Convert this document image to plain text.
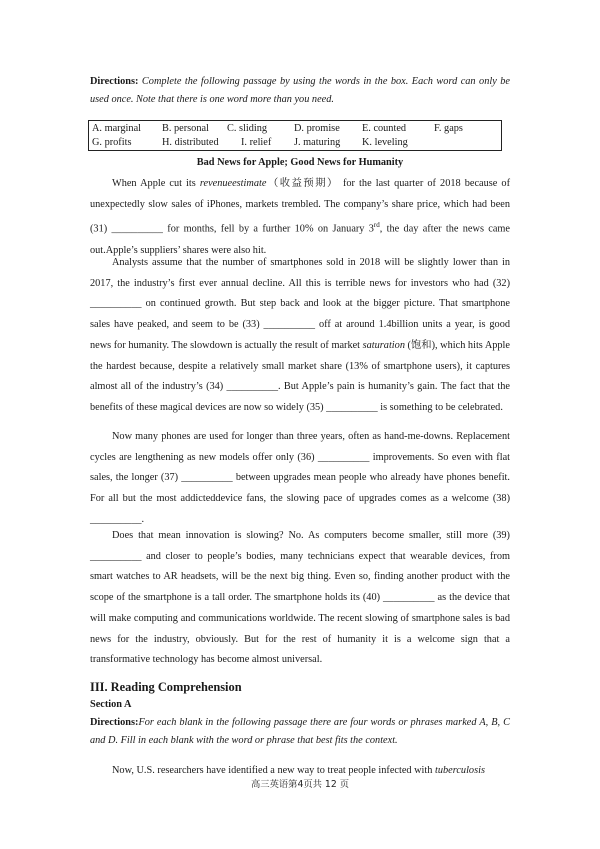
Directions: Complete the following passage by using the words in the box. Each word can only be used once. Note that there is one word more than you need.
A. marginal B. personal C. sliding	D. promise E. counted	F. gaps
G. profits	H. distributed I. relief J. maturing K. leveling
Bad News for Apple; Good News for Humanity

When Apple cut its revenueestimate（收益预期） for the last quarter of 2018 because of unexpectedly slow sales of iPhones, markets trembled. The company’s share price, which had been (31) __________ for months, fell by a further 10% on January 3rd, the day after the news came out.Apple’s suppliers’ shares were also hit.

Analysts assume that the number of smartphones sold in 2018 will be slightly lower than in 2017, the industry’s first ever annual decline. All this is terrible news for investors who had (32) __________ on continued growth. But step back and look at the bigger picture. That smartphone sales have peaked, and seem to be (33) __________ off at around 1.4billion units a year, is good news for humanity. The slowdown is actually the result of market saturation (饱和), which hits Apple the hardest because, despite a relatively small market share (13% of smartphone users), it captures almost all of the industry’s (34) __________. But Apple’s pain is humanity’s gain. The fact that the benefits of these magical devices are now so widely (35) __________ is something to be celebrated.

Now many phones are used for longer than three years, often as hand-me-downs. Replacement cycles are lengthening as new models offer only (36) __________ improvements. So even with flat sales, the longer (37) __________ between upgrades mean people who already have phones benefit. For all but the most addicteddevice fans, the slowing pace of upgrades comes as a welcome (38) __________.

Does that mean innovation is slowing? No. As computers become smaller, still more (39) __________ and closer to people’s bodies, many technicians expect that wearable devices, from smart watches to AR headsets, will be the next big thing. Even so, finding another product with the scope of the smartphone is a tall order. The smartphone holds its (40) __________ as the device that will make computing and communications worldwide. The recent slowing of smartphone sales is bad news for the industry, obviously. But for the rest of humanity it is a welcome sign that a transformative technology has become almost universal.

III. Reading Comprehension
Section A
Directions:For each blank in the following passage there are four words or phrases marked A, B, C and D. Fill in each blank with the word or phrase that best fits the context.

Now, U.S. researchers have identified a new way to treat people infected with tuberculosis

高三英语第4页共 12 页
